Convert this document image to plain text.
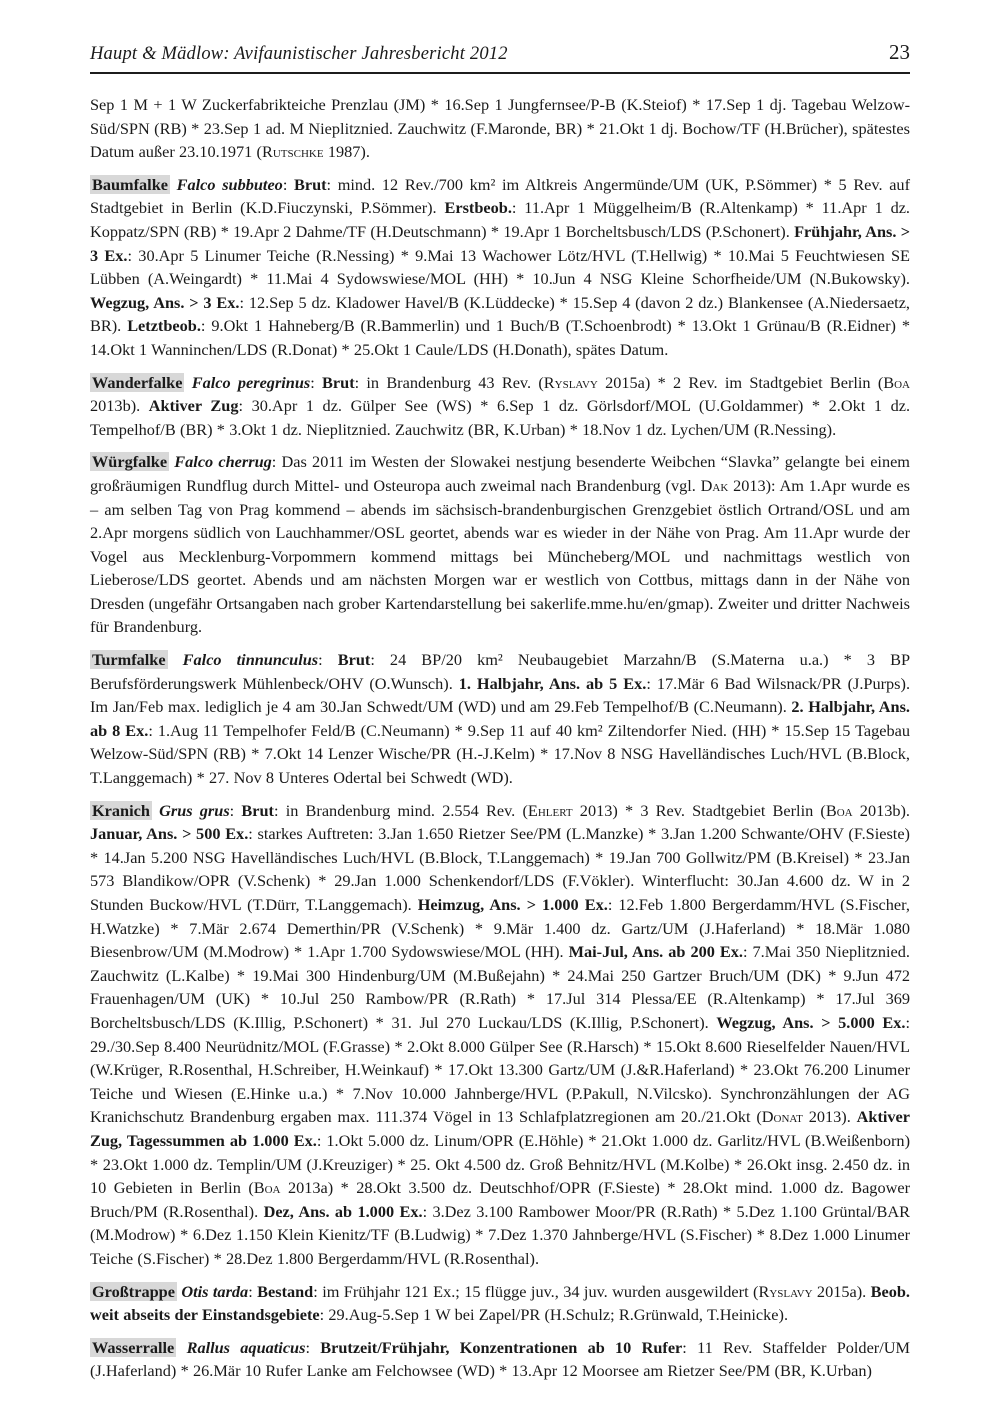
Haupt & Mädlow: Avifaunistischer Jahresbericht 2012	23

Sep 1 M + 1 W Zuckerfabrikteiche Prenzlau (JM) * 16.Sep 1 Jungfernsee/P-B (K.Steiof) * 17.Sep 1 dj. Tagebau Welzow-Süd/SPN (RB) * 23.Sep 1 ad. M Nieplitznied. Zauchwitz (F.Maronde, BR) * 21.Okt 1 dj. Bochow/TF (H.Brücher), spätestes Datum außer 23.10.1971 (Rutschke 1987).

Baumfalke Falco subbuteo: Brut: mind. 12 Rev./700 km² im Altkreis Angermünde/UM (UK, P.Sömmer) * 5 Rev. auf Stadtgebiet in Berlin (K.D.Fiuczynski, P.Sömmer). Erstbeob.: 11.Apr 1 Müggelheim/B (R.Altenkamp) * 11.Apr 1 dz. Koppatz/SPN (RB) * 19.Apr 2 Dahme/TF (H.Deutschmann) * 19.Apr 1 Borcheltsbusch/LDS (P.Schonert). Frühjahr, Ans. > 3 Ex.: 30.Apr 5 Linumer Teiche (R.Nessing) * 9.Mai 13 Wachower Lötz/HVL (T.Hellwig) * 10.Mai 5 Feuchtwiesen SE Lübben (A.Weingardt) * 11.Mai 4 Sydowswiese/MOL (HH) * 10.Jun 4 NSG Kleine Schorfheide/UM (N.Bukowsky). Wegzug, Ans. > 3 Ex.: 12.Sep 5 dz. Kladower Havel/B (K.Lüddecke) * 15.Sep 4 (davon 2 dz.) Blankensee (A.Niedersaetz, BR). Letztbeob.: 9.Okt 1 Hahneberg/B (R.Bammerlin) und 1 Buch/B (T.Schoenbrodt) * 13.Okt 1 Grünau/B (R.Eidner) * 14.Okt 1 Wanninchen/LDS (R.Donat) * 25.Okt 1 Caule/LDS (H.Donath), spätes Datum.

Wanderfalke Falco peregrinus: Brut: in Brandenburg 43 Rev. (Ryslavy 2015a) * 2 Rev. im Stadtgebiet Berlin (Boa 2013b). Aktiver Zug: 30.Apr 1 dz. Gülper See (WS) * 6.Sep 1 dz. Görlsdorf/MOL (U.Goldammer) * 2.Okt 1 dz. Tempelhof/B (BR) * 3.Okt 1 dz. Nieplitznied. Zauchwitz (BR, K.Urban) * 18.Nov 1 dz. Lychen/UM (R.Nessing).

Würgfalke Falco cherrug: Das 2011 im Westen der Slowakei nestjung besenderte Weibchen “Slavka” gelangte bei einem großräumigen Rundflug durch Mittel- und Osteuropa auch zweimal nach Brandenburg (vgl. Dak 2013): Am 1.Apr wurde es – am selben Tag von Prag kommend – abends im sächsisch-brandenburgischen Grenzgebiet östlich Ortrand/OSL und am 2.Apr morgens südlich von Lauchhammer/OSL geortet, abends war es wieder in der Nähe von Prag. Am 11.Apr wurde der Vogel aus Mecklenburg-Vorpommern kommend mittags bei Müncheberg/MOL und nachmittags westlich von Lieberose/LDS geortet. Abends und am nächsten Morgen war er westlich von Cottbus, mittags dann in der Nähe von Dresden (ungefähr Ortsangaben nach grober Kartendarstellung bei sakerlife.mme.hu/en/gmap). Zweiter und dritter Nachweis für Brandenburg.

Turmfalke Falco tinnunculus: Brut: 24 BP/20 km² Neubaugebiet Marzahn/B (S.Materna u.a.) * 3 BP Berufsförderungswerk Mühlenbeck/OHV (O.Wunsch). 1. Halbjahr, Ans. ab 5 Ex.: 17.Mär 6 Bad Wilsnack/PR (J.Purps). Im Jan/Feb max. lediglich je 4 am 30.Jan Schwedt/UM (WD) und am 29.Feb Tempelhof/B (C.Neumann). 2. Halbjahr, Ans. ab 8 Ex.: 1.Aug 11 Tempelhofer Feld/B (C.Neumann) * 9.Sep 11 auf 40 km² Ziltendorfer Nied. (HH) * 15.Sep 15 Tagebau Welzow-Süd/SPN (RB) * 7.Okt 14 Lenzer Wische/PR (H.-J.Kelm) * 17.Nov 8 NSG Havelländisches Luch/HVL (B.Block, T.Langgemach) * 27. Nov 8 Unteres Odertal bei Schwedt (WD).

Kranich Grus grus: Brut: in Brandenburg mind. 2.554 Rev. (Ehlert 2013) * 3 Rev. Stadtgebiet Berlin (Boa 2013b). Januar, Ans. > 500 Ex.: starkes Auftreten: 3.Jan 1.650 Rietzer See/PM (L.Manzke) * 3.Jan 1.200 Schwante/OHV (F.Sieste) * 14.Jan 5.200 NSG Havelländisches Luch/HVL (B.Block, T.Langgemach) * 19.Jan 700 Gollwitz/PM (B.Kreisel) * 23.Jan 573 Blandikow/OPR (V.Schenk) * 29.Jan 1.000 Schenkendorf/LDS (F.Vökler). Winterflucht: 30.Jan 4.600 dz. W in 2 Stunden Buckow/HVL (T.Dürr, T.Langgemach). Heimzug, Ans. > 1.000 Ex.: 12.Feb 1.800 Bergerdamm/HVL (S.Fischer, H.Watzke) * 7.Mär 2.674 Demerthin/PR (V.Schenk) * 9.Mär 1.400 dz. Gartz/UM (J.Haferland) * 18.Mär 1.080 Biesenbrow/UM (M.Modrow) * 1.Apr 1.700 Sydowswiese/MOL (HH). Mai-Jul, Ans. ab 200 Ex.: 7.Mai 350 Nieplitznied. Zauchwitz (L.Kalbe) * 19.Mai 300 Hindenburg/UM (M.Bußejahn) * 24.Mai 250 Gartzer Bruch/UM (DK) * 9.Jun 472 Frauenhagen/UM (UK) * 10.Jul 250 Rambow/PR (R.Rath) * 17.Jul 314 Plessa/EE (R.Altenkamp) * 17.Jul 369 Borcheltsbusch/LDS (K.Illig, P.Schonert) * 31. Jul 270 Luckau/LDS (K.Illig, P.Schonert). Wegzug, Ans. > 5.000 Ex.: 29./30.Sep 8.400 Neurüdnitz/MOL (F.Grasse) * 2.Okt 8.000 Gülper See (R.Harsch) * 15.Okt 8.600 Rieselfelder Nauen/HVL (W.Krüger, R.Rosenthal, H.Schreiber, H.Weinkauf) * 17.Okt 13.300 Gartz/UM (J.&R.Haferland) * 23.Okt 76.200 Linumer Teiche und Wiesen (E.Hinke u.a.) * 7.Nov 10.000 Jahnberge/HVL (P.Pakull, N.Vilcsko). Synchronzählungen der AG Kranichschutz Brandenburg ergaben max. 111.374 Vögel in 13 Schlafplatzregionen am 20./21.Okt (Donat 2013). Aktiver Zug, Tagessummen ab 1.000 Ex.: 1.Okt 5.000 dz. Linum/OPR (E.Höhle) * 21.Okt 1.000 dz. Garlitz/HVL (B.Weißenborn) * 23.Okt 1.000 dz. Templin/UM (J.Kreuziger) * 25. Okt 4.500 dz. Groß Behnitz/HVL (M.Kolbe) * 26.Okt insg. 2.450 dz. in 10 Gebieten in Berlin (Boa 2013a) * 28.Okt 3.500 dz. Deutschhof/OPR (F.Sieste) * 28.Okt mind. 1.000 dz. Bagower Bruch/PM (R.Rosenthal). Dez, Ans. ab 1.000 Ex.: 3.Dez 3.100 Rambower Moor/PR (R.Rath) * 5.Dez 1.100 Grüntal/BAR (M.Modrow) * 6.Dez 1.150 Klein Kienitz/TF (B.Ludwig) * 7.Dez 1.370 Jahnberge/HVL (S.Fischer) * 8.Dez 1.000 Linumer Teiche (S.Fischer) * 28.Dez 1.800 Bergerdamm/HVL (R.Rosenthal).

Großtrappe Otis tarda: Bestand: im Frühjahr 121 Ex.; 15 flügge juv., 34 juv. wurden ausgewildert (Ryslavy 2015a). Beob. weit abseits der Einstandsgebiete: 29.Aug-5.Sep 1 W bei Zapel/PR (H.Schulz; R.Grünwald, T.Heinicke).

Wasserralle Rallus aquaticus: Brutzeit/Frühjahr, Konzentrationen ab 10 Rufer: 11 Rev. Staffelder Polder/UM (J.Haferland) * 26.Mär 10 Rufer Lanke am Felchowsee (WD) * 13.Apr 12 Moorsee am Rietzer See/PM (BR, K.Urban)
